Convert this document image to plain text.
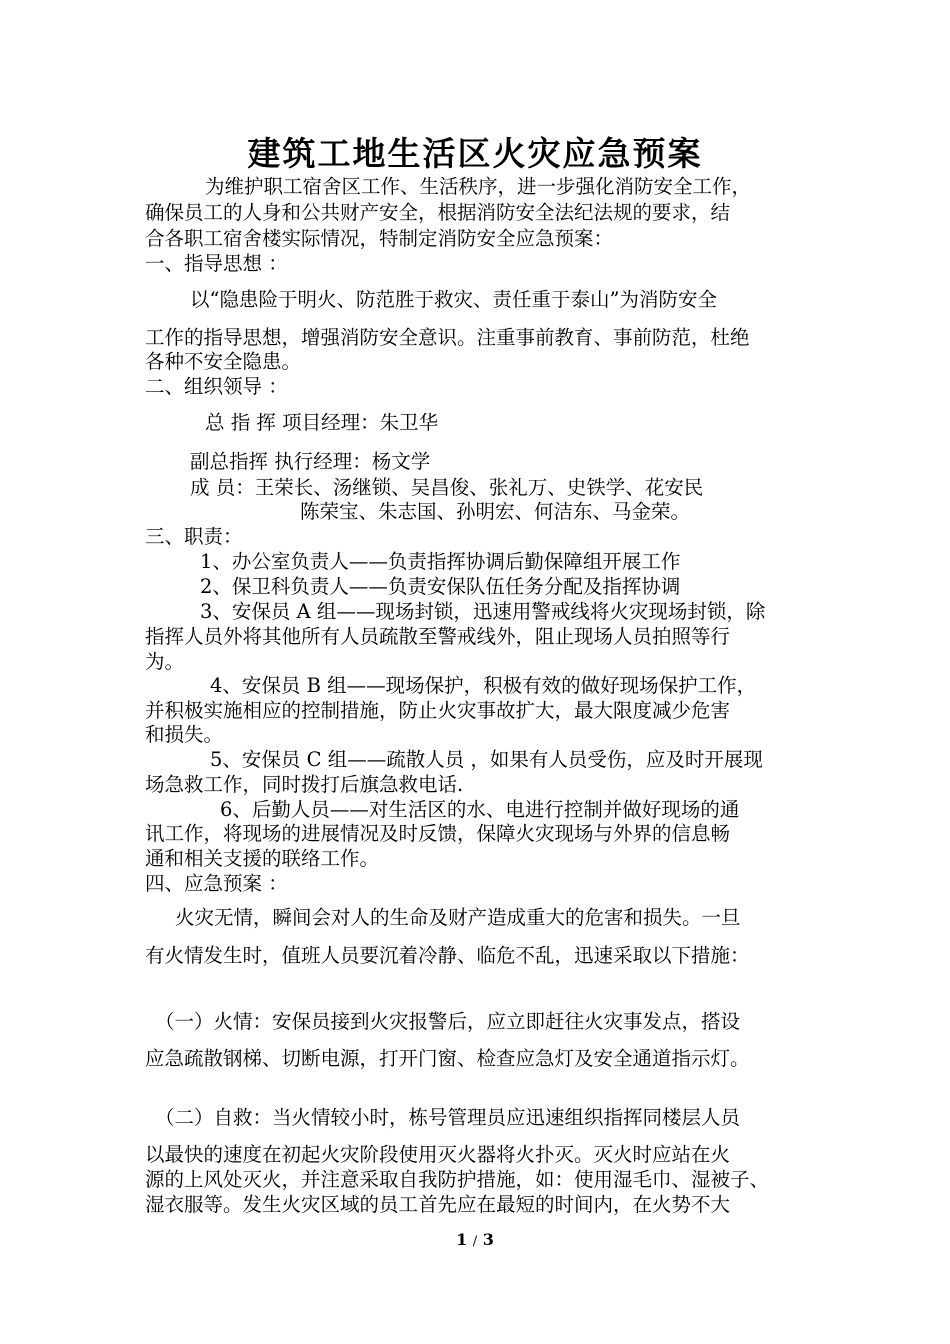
建筑工地生活区火灾应急预案
为维护职工宿舍区工作、生活秩序，进一步强化消防安全工作，
确保员工的人身和公共财产安全，根据消防安全法纪法规的要求，结
合各职工宿舍楼实际情况，特制定消防安全应急预案：
一、指导思想 ：
以“隐患险于明火、防范胜于救灾、责任重于泰山”为消防安全
工作的指导思想，增强消防安全意识。注重事前教育、事前防范，杜绝
各种不安全隐患。
二、组织领导 ：
总 指 挥 项目经理：朱卫华
副总指挥 执行经理：杨文学
成 员：王荣长、汤继锁、吴昌俊、张礼万、史铁学、花安民
陈荣宝、朱志国、孙明宏、何洁东、马金荣。
三、职责：
1、办公室负责人——负责指挥协调后勤保障组开展工作
2、保卫科负责人——负责安保队伍任务分配及指挥协调
3、安保员 A 组——现场封锁，迅速用警戒线将火灾现场封锁，除
指挥人员外将其他所有人员疏散至警戒线外，阻止现场人员拍照等行
为。
4、安保员 B 组——现场保护，积极有效的做好现场保护工作，
并积极实施相应的控制措施，防止火灾事故扩大，最大限度减少危害
和损失。
5、安保员 C 组——疏散人员 ，如果有人员受伤，应及时开展现
场急救工作，同时拨打后旗急救电话.
6、后勤人员——对生活区的水、电进行控制并做好现场的通
讯工作，将现场的进展情况及时反馈，保障火灾现场与外界的信息畅
通和相关支援的联络工作。
四、应急预案 ：
火灾无情，瞬间会对人的生命及财产造成重大的危害和损失。一旦
有火情发生时，值班人员要沉着冷静、临危不乱，迅速采取以下措施：
（一）火情：安保员接到火灾报警后，应立即赶往火灾事发点，搭设
应急疏散钢梯、切断电源，打开门窗、检查应急灯及安全通道指示灯。
（二）自救：当火情较小时，栋号管理员应迅速组织指挥同楼层人员
以最快的速度在初起火灾阶段使用灭火器将火扑灭。灭火时应站在火
源的上风处灭火，并注意采取自我防护措施，如：使用湿毛巾、湿被子、
湿衣服等。发生火灾区域的员工首先应在最短的时间内，在火势不大
1 / 3
